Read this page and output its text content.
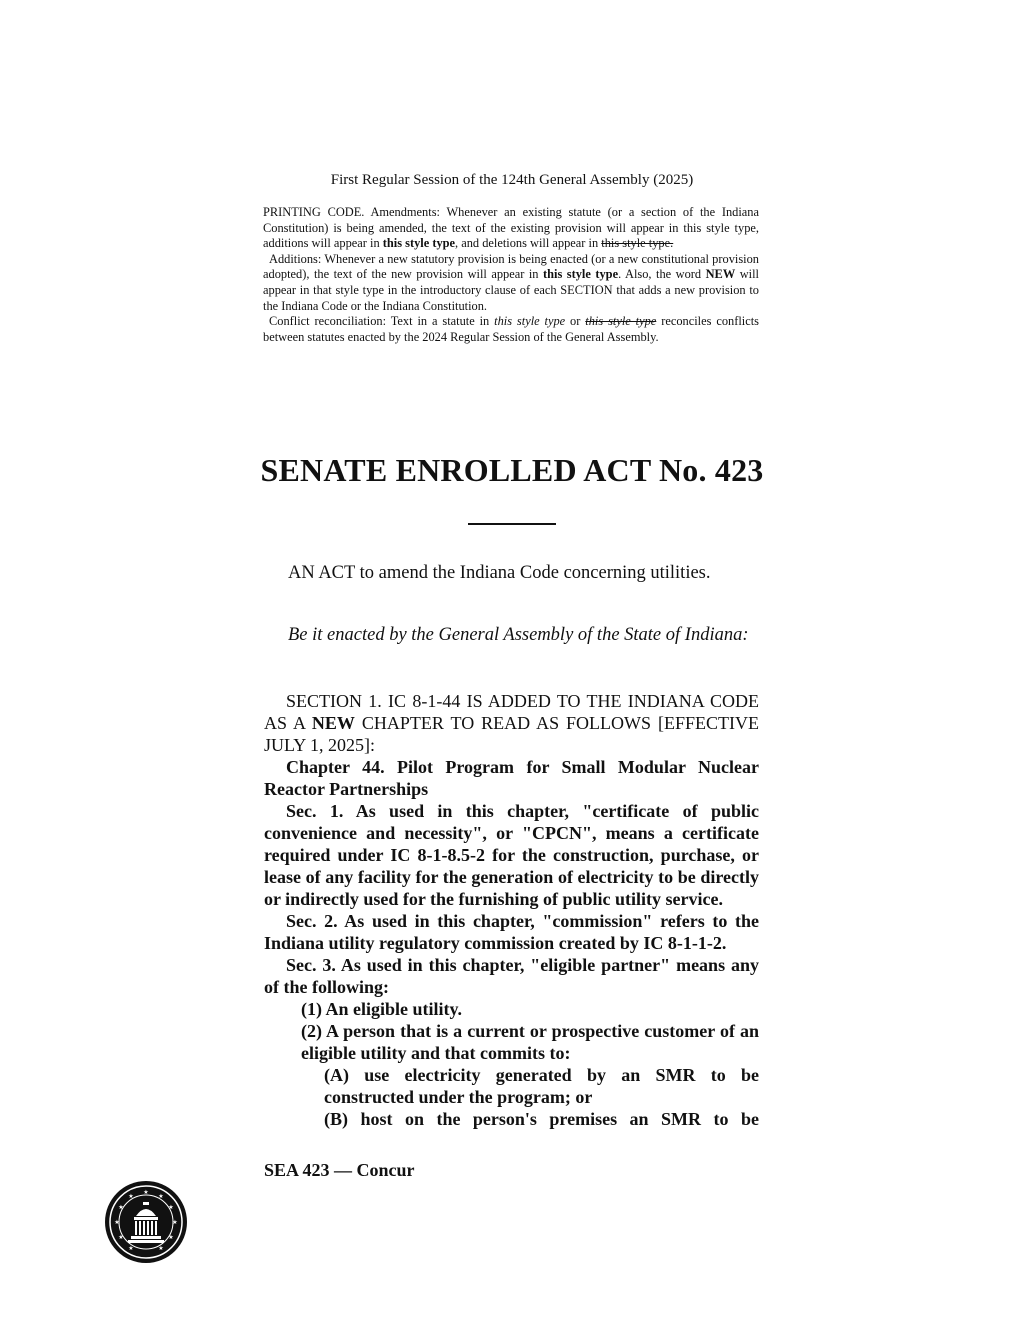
First Regular Session of the 124th General Assembly (2025)

PRINTING CODE. Amendments: Whenever an existing statute (or a section of the Indiana Constitution) is being amended, the text of the existing provision will appear in this style type, additions will appear in this style type, and deletions will appear in this style type.

Additions: Whenever a new statutory provision is being enacted (or a new constitutional provision adopted), the text of the new provision will appear in this style type. Also, the word NEW will appear in that style type in the introductory clause of each SECTION that adds a new provision to the Indiana Code or the Indiana Constitution.

Conflict reconciliation: Text in a statute in this style type or this style type reconciles conflicts between statutes enacted by the 2024 Regular Session of the General Assembly.

SENATE ENROLLED ACT No. 423
AN ACT to amend the Indiana Code concerning utilities.
Be it enacted by the General Assembly of the State of Indiana:

SECTION 1. IC 8-1-44 IS ADDED TO THE INDIANA CODE AS A NEW CHAPTER TO READ AS FOLLOWS [EFFECTIVE JULY 1, 2025]:

Chapter 44. Pilot Program for Small Modular Nuclear Reactor Partnerships

Sec. 1. As used in this chapter, "certificate of public convenience and necessity", or "CPCN", means a certificate required under IC 8-1-8.5-2 for the construction, purchase, or lease of any facility for the generation of electricity to be directly or indirectly used for the furnishing of public utility service.

Sec. 2. As used in this chapter, "commission" refers to the Indiana utility regulatory commission created by IC 8-1-1-2.

Sec. 3. As used in this chapter, "eligible partner" means any of the following:

(1) An eligible utility.

(2) A person that is a current or prospective customer of an eligible utility and that commits to:

(A) use electricity generated by an SMR to be constructed under the program; or

(B) host on the person's premises an SMR to be

SEA 423 — Concur
★
★
★
★
★
★
★
★
★
★
★
